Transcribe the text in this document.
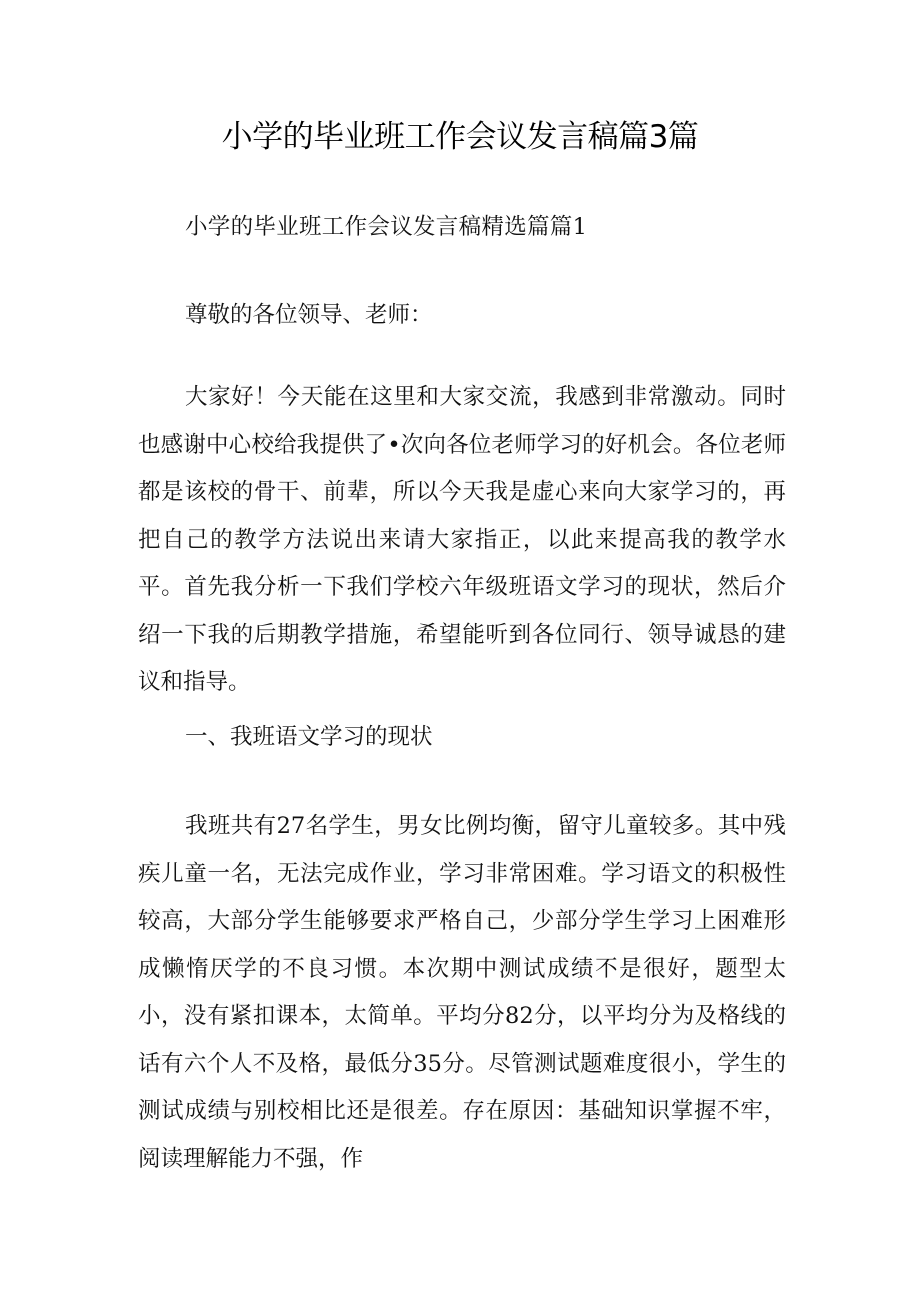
小学的毕业班工作会议发言稿篇3篇

小学的毕业班工作会议发言稿精选篇篇1

尊敬的各位领导、老师：

大家好！今天能在这里和大家交流，我感到非常激动。同时也感谢中心校给我提供了•次向各位老师学习的好机会。各位老师都是该校的骨干、前辈，所以今天我是虚心来向大家学习的，再把自己的教学方法说出来请大家指正，以此来提高我的教学水平。首先我分析一下我们学校六年级班语文学习的现状，然后介绍一下我的后期教学措施，希望能听到各位同行、领导诚恳的建议和指导。

一、我班语文学习的现状

我班共有27名学生，男女比例均衡，留守儿童较多。其中残疾儿童一名，无法完成作业，学习非常困难。学习语文的积极性较高，大部分学生能够要求严格自己，少部分学生学习上困难形成懒惰厌学的不良习惯。本次期中测试成绩不是很好，题型太小，没有紧扣课本，太简单。平均分82分，以平均分为及格线的话有六个人不及格，最低分35分。尽管测试题难度很小，学生的测试成绩与别校相比还是很差。存在原因：基础知识掌握不牢，阅读理解能力不强，作
